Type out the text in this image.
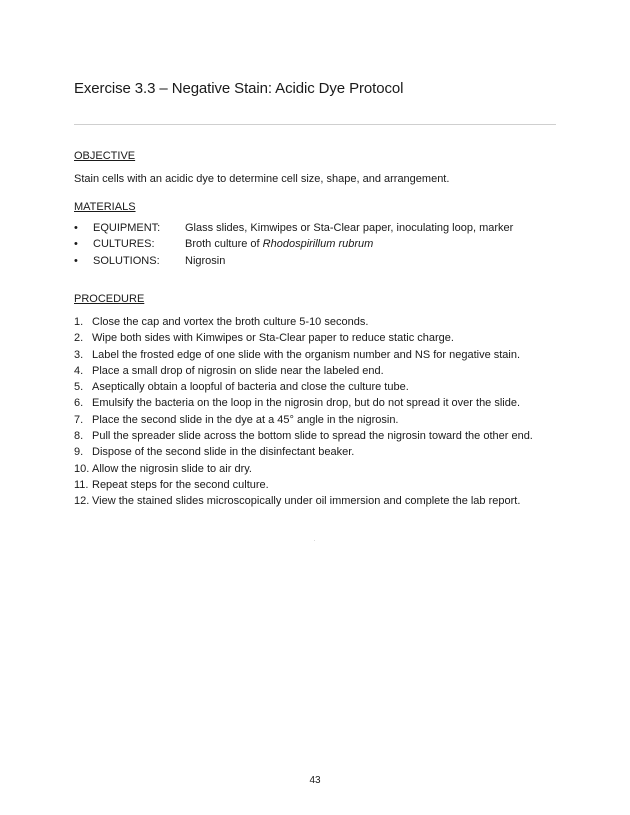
Exercise 3.3 – Negative Stain: Acidic Dye Protocol
OBJECTIVE
Stain cells with an acidic dye to determine cell size, shape, and arrangement.
MATERIALS
•	EQUIPMENT: Glass slides, Kimwipes or Sta-Clear paper, inoculating loop, marker
•	CULTURES:	Broth culture of Rhodospirillum rubrum
•	SOLUTIONS: Nigrosin
PROCEDURE
1. Close the cap and vortex the broth culture 5-10 seconds.
2. Wipe both sides with Kimwipes or Sta-Clear paper to reduce static charge.
3. Label the frosted edge of one slide with the organism number and NS for negative stain.
4. Place a small drop of nigrosin on slide near the labeled end.
5. Aseptically obtain a loopful of bacteria and close the culture tube.
6. Emulsify the bacteria on the loop in the nigrosin drop, but do not spread it over the slide.
7. Place the second slide in the dye at a 45° angle in the nigrosin.
8. Pull the spreader slide across the bottom slide to spread the nigrosin toward the other end.
9. Dispose of the second slide in the disinfectant beaker.
10. Allow the nigrosin slide to air dry.
11. Repeat steps for the second culture.
12. View the stained slides microscopically under oil immersion and complete the lab report.
43
